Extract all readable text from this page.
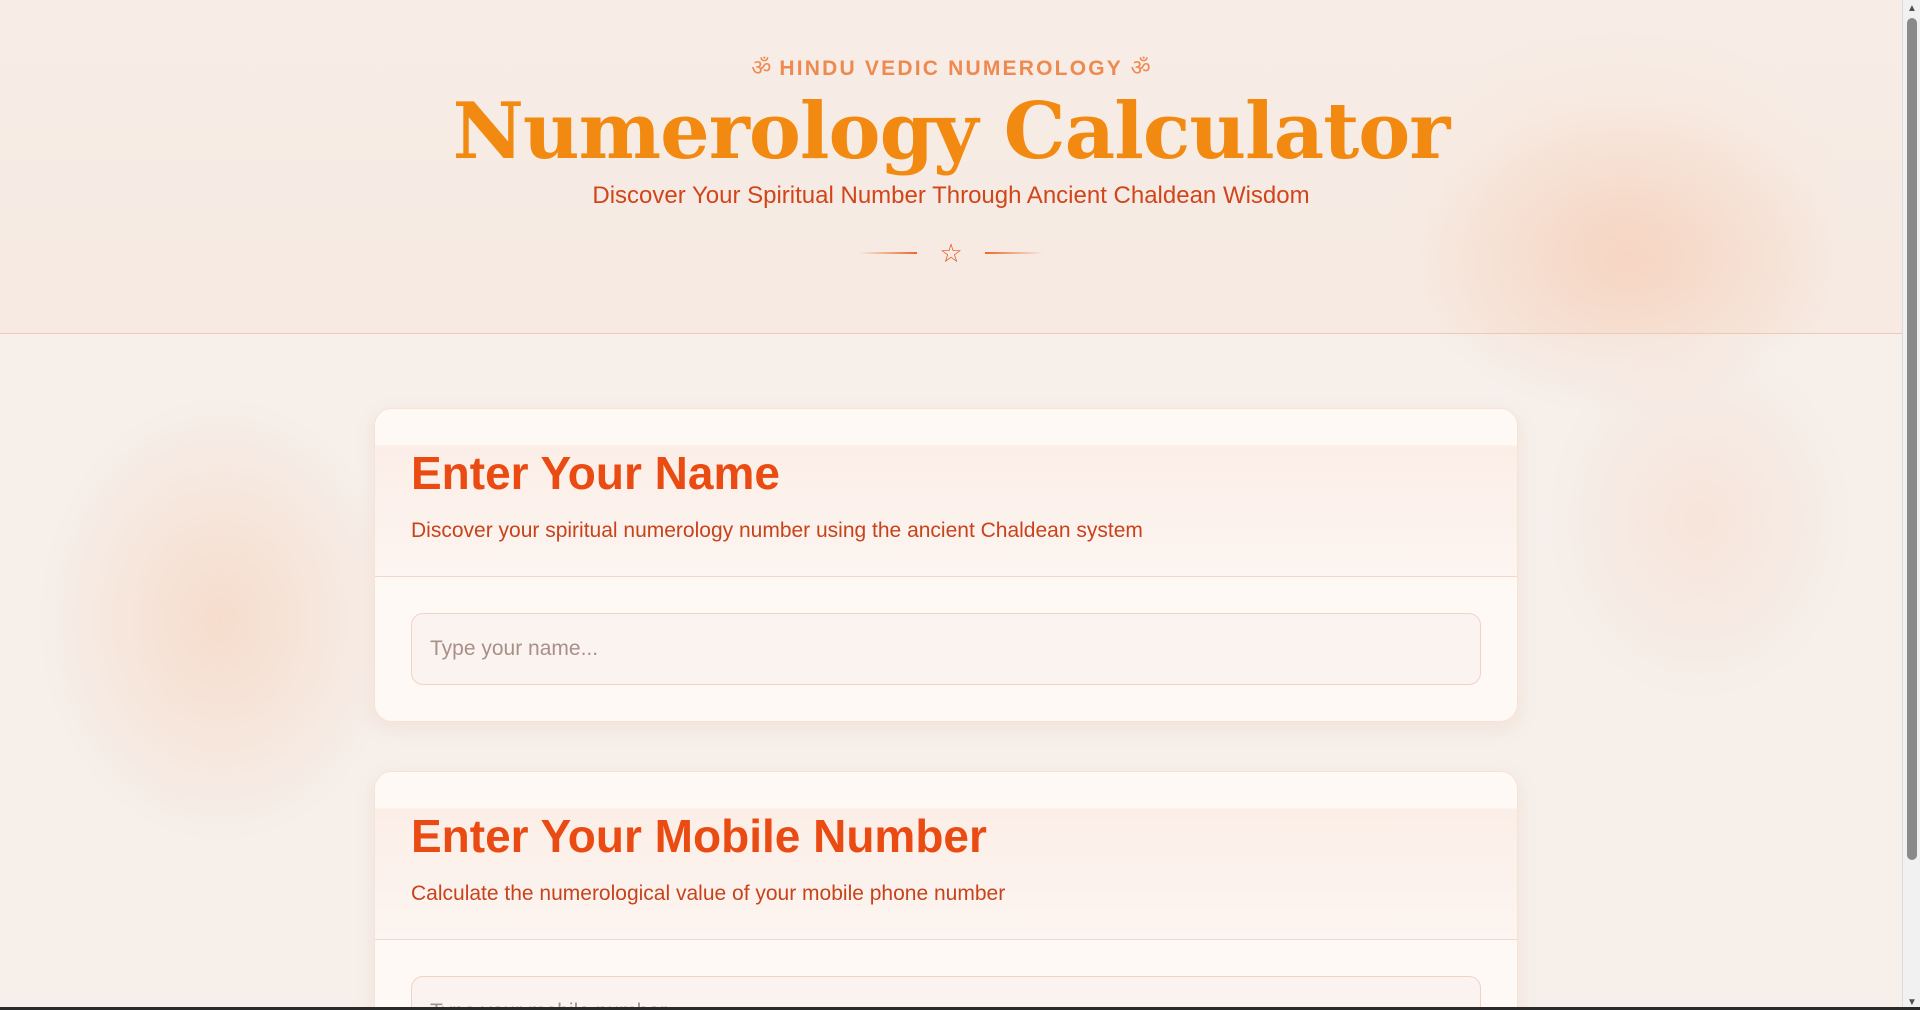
ॐ HINDU VEDIC NUMEROLOGY ॐ
Numerology Calculator

Discover Your Spiritual Number Through Ancient Chaldean Wisdom

☆
Enter Your Name

Discover your spiritual numerology number using the ancient Chaldean system

Type your name...
Enter Your Mobile Number

Calculate the numerological value of your mobile phone number

Type your mobile number...
▲
▼
